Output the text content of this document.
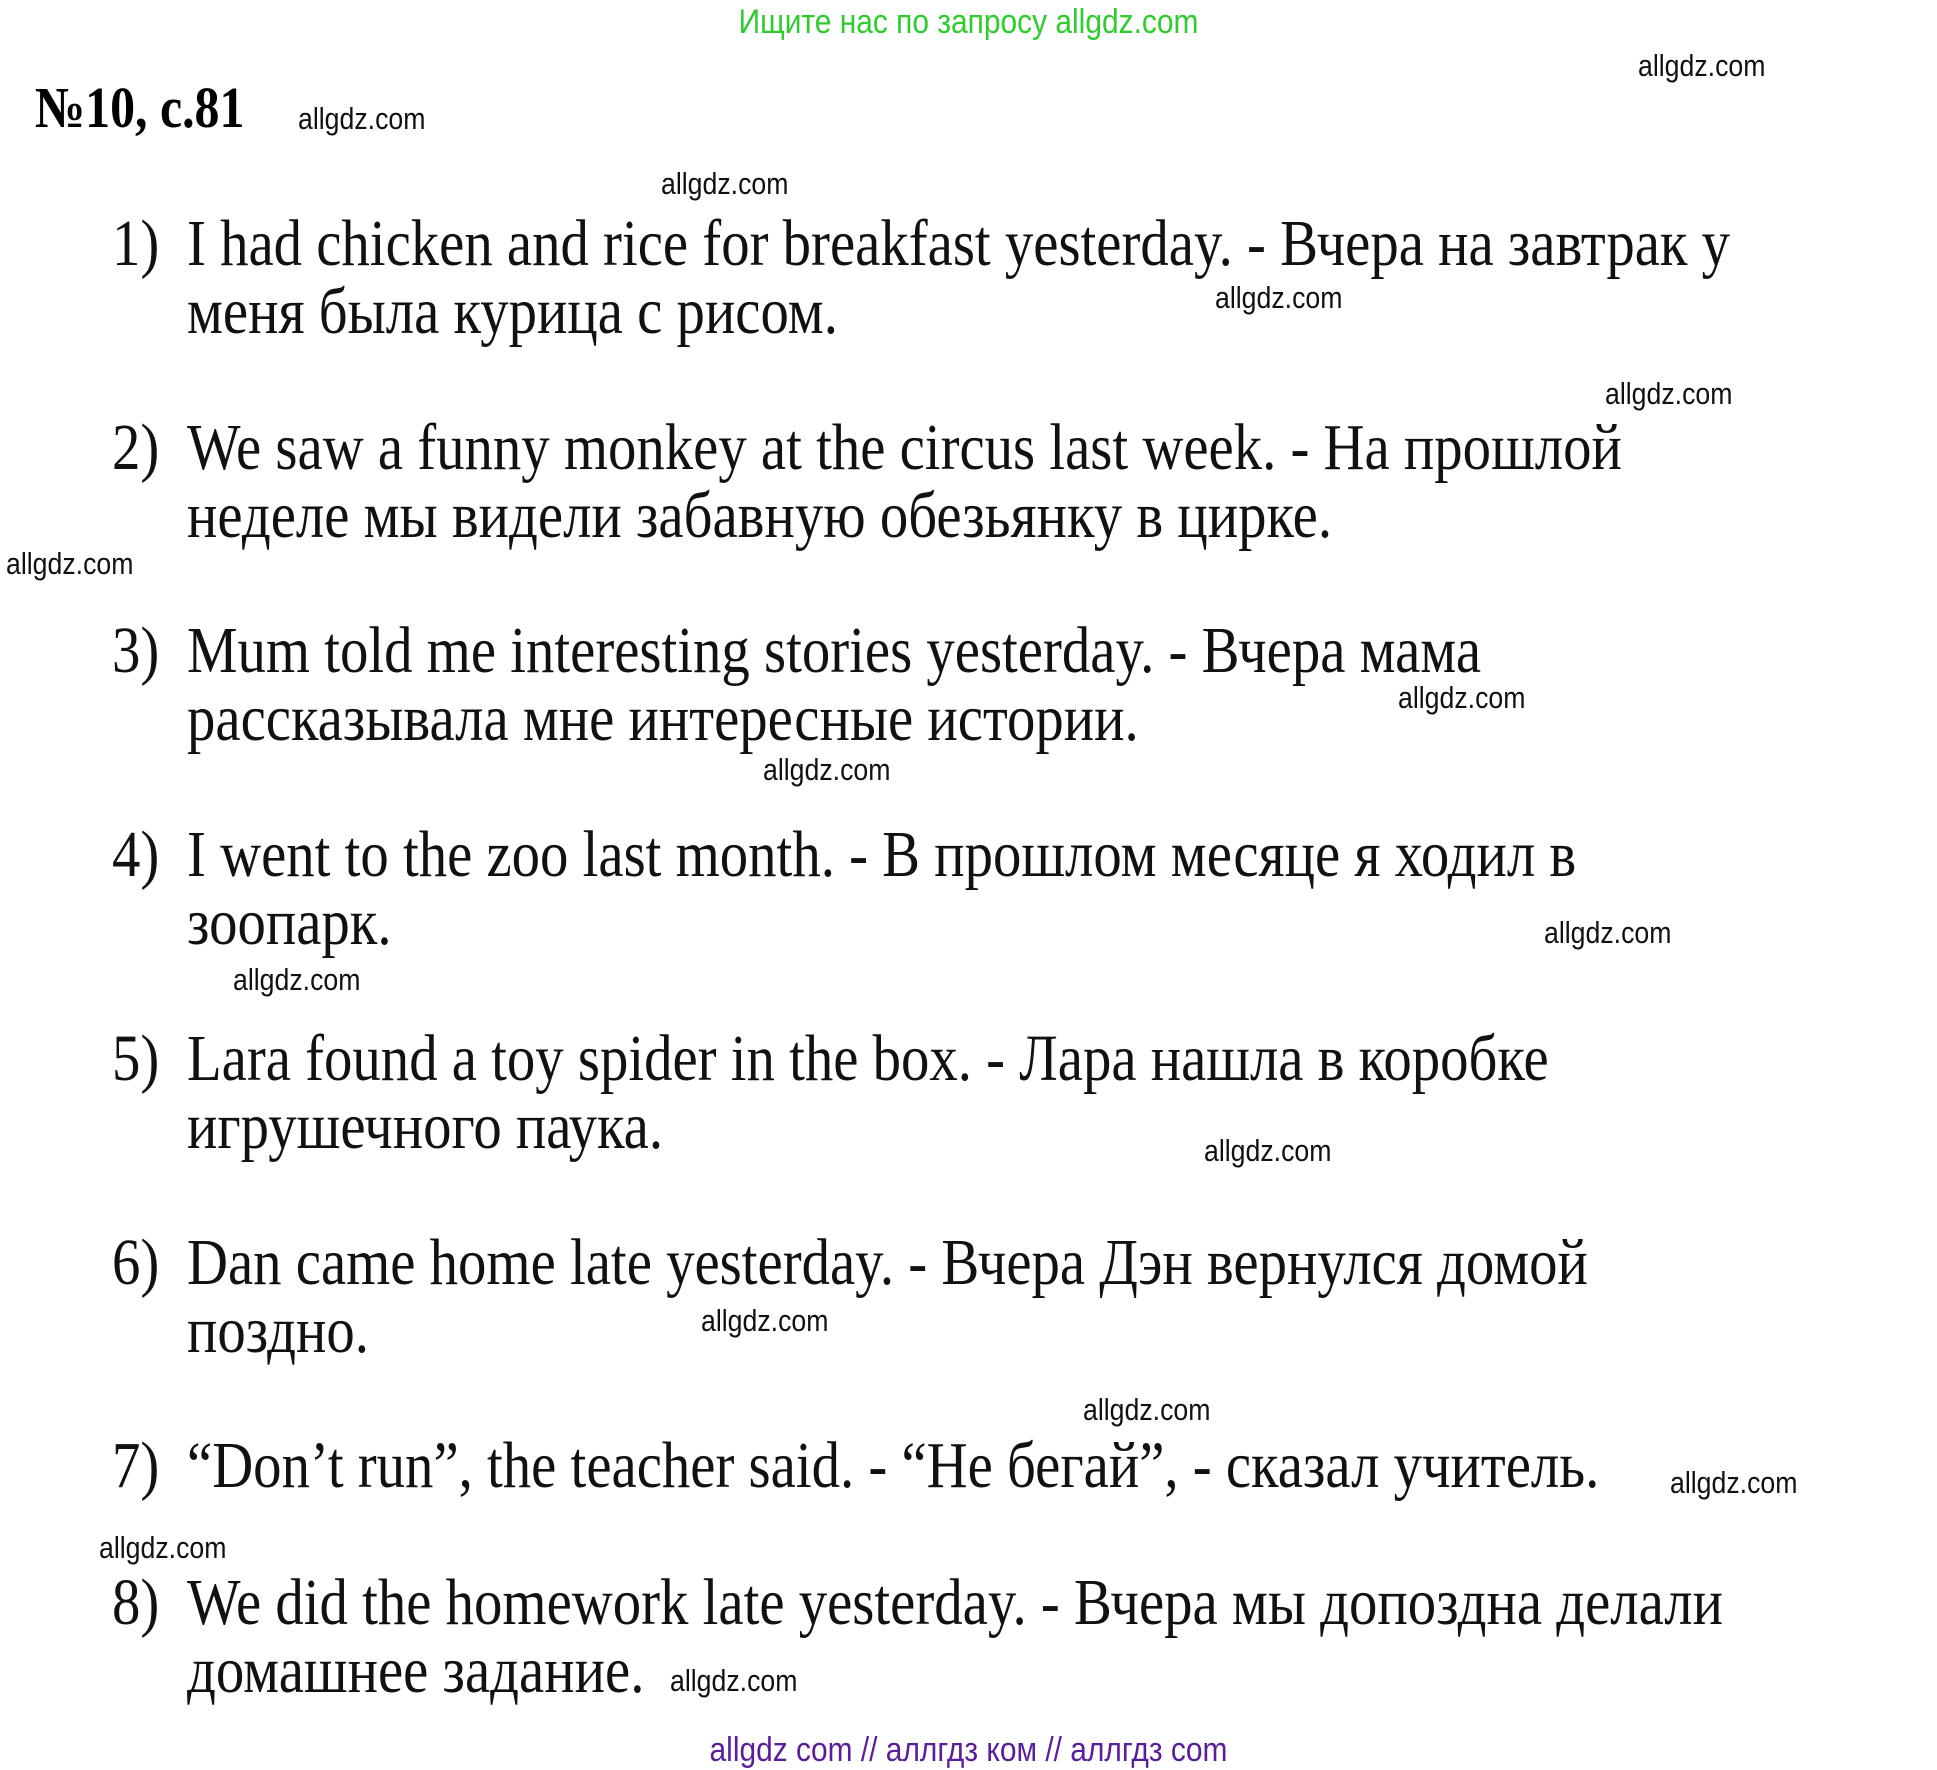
Ищите нас по запросу allgdz.com
№10, с.81
1) I had chicken and rice for breakfast yesterday. - Вчера на завтрак у
меня была курица с рисом.
2) We saw a funny monkey at the circus last week. - На прошлой
неделе мы видели забавную обезьянку в цирке.
3) Mum told me interesting stories yesterday. - Вчера мама
рассказывала мне интересные истории.
4) I went to the zoo last month. - В прошлом месяце я ходил в
зоопарк.
5) Lara found a toy spider in the box. - Лара нашла в коробке
игрушечного паука.
6) Dan came home late yesterday. - Вчера Дэн вернулся домой
поздно.
7) “Don’t run”, the teacher said. - “Не бегай”, - сказал учитель.
8) We did the homework late yesterday. - Вчера мы допоздна делали
домашнее задание.
allgdz.com
allgdz.com
allgdz.com
allgdz.com
allgdz.com
allgdz.com
allgdz.com
allgdz.com
allgdz.com
allgdz.com
allgdz.com
allgdz.com
allgdz.com
allgdz.com
allgdz.com
allgdz.com
allgdz com // аллгдз ком // аллгдз com
